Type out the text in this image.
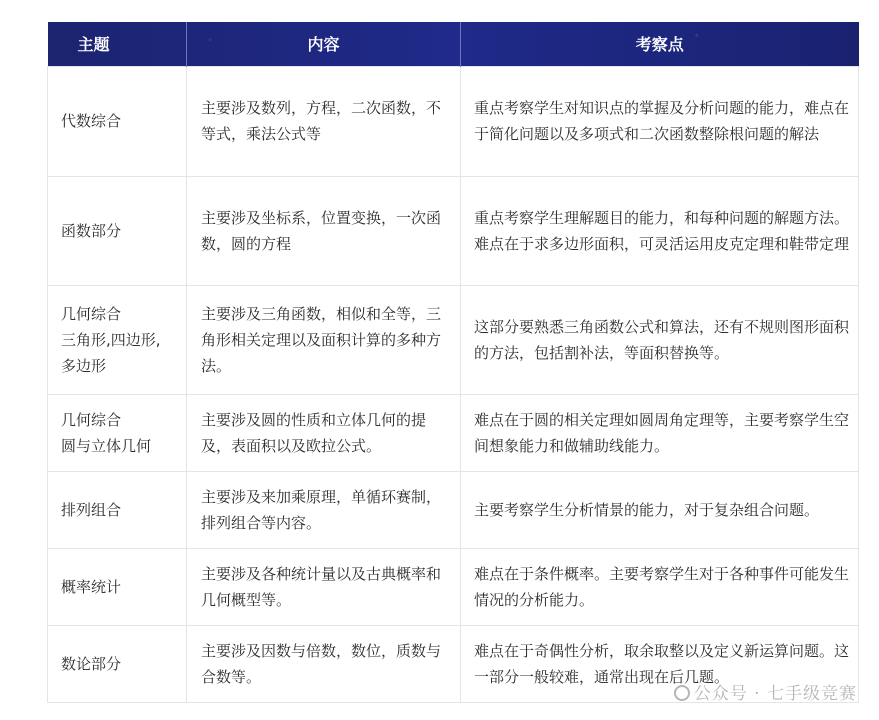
主题	内容	考察点

代数综合	主要涉及数列，方程，二次函数，不等式，乘法公式等	重点考察学生对知识点的掌握及分析问题的能力，难点在于简化问题以及多项式和二次函数整除根问题的解法

函数部分	主要涉及坐标系，位置变换，一次函数，圆的方程	重点考察学生理解题目的能力，和每种问题的解题方法。难点在于求多边形面积，可灵活运用皮克定理和鞋带定理

几何综合
三角形,四边形,
多边形	主要涉及三角函数，相似和全等，三角形相关定理以及面积计算的多种方法。	这部分要熟悉三角函数公式和算法，还有不规则图形面积的方法，包括割补法，等面积替换等。

几何综合
圆与立体几何	主要涉及圆的性质和立体几何的提及，表面积以及欧拉公式。	难点在于圆的相关定理如圆周角定理等，主要考察学生空间想象能力和做辅助线能力。

排列组合	主要涉及来加乘原理，单循环赛制，排列组合等内容。	主要考察学生分析情景的能力，对于复杂组合问题。

概率统计	主要涉及各种统计量以及古典概率和几何概型等。	难点在于条件概率。主要考察学生对于各种事件可能发生情况的分析能力。

数论部分	主要涉及因数与倍数，数位，质数与合数等。	难点在于奇偶性分析，取余取整以及定义新运算问题。这一部分一般较难，通常出现在后几题。
公众号 · 七手级竞赛
